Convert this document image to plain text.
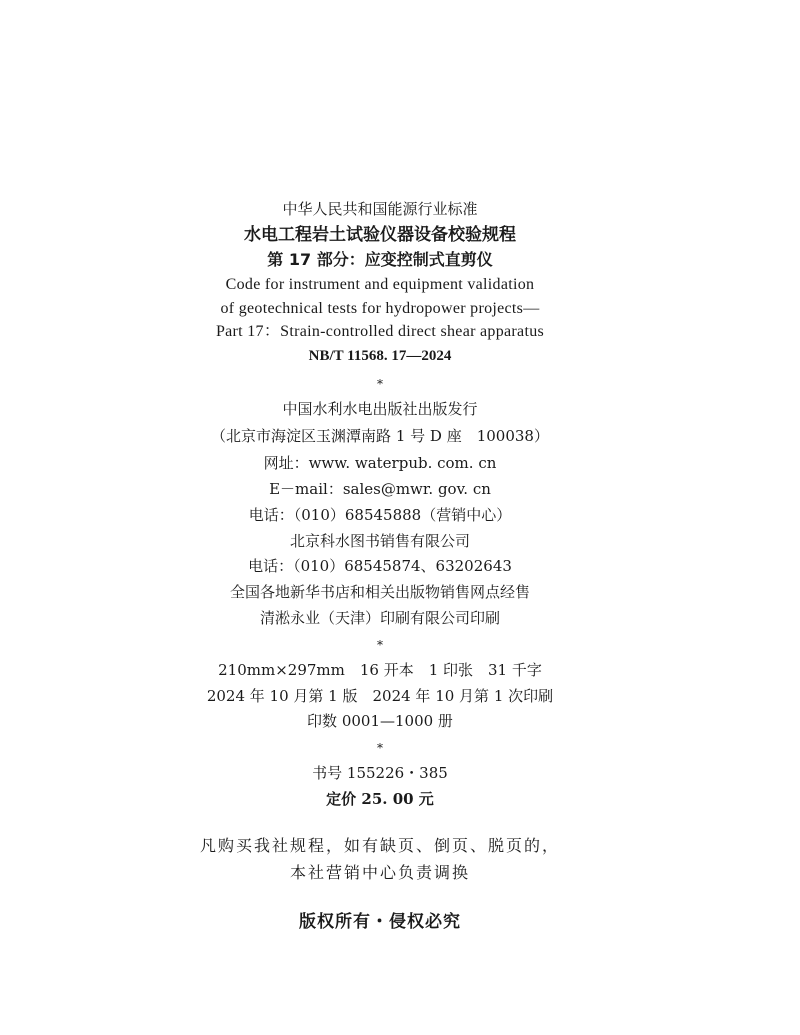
中华人民共和国能源行业标准
水电工程岩土试验仪器设备校验规程
第 17 部分：应变控制式直剪仪
Code for instrument and equipment validation
of geotechnical tests for hydropower projects—
Part 17：Strain-controlled direct shear apparatus
NB/T 11568. 17—2024
*
中国水利水电出版社出版发行
（北京市海淀区玉渊潭南路 1 号 D 座　100038）
网址：www. waterpub. com. cn
E－mail：sales@mwr. gov. cn
电话：（010）68545888（营销中心）
北京科水图书销售有限公司
电话：（010）68545874、63202643
全国各地新华书店和相关出版物销售网点经售
清淞永业（天津）印刷有限公司印刷
*
210mm×297mm　16 开本　1 印张　31 千字
2024 年 10 月第 1 版　2024 年 10 月第 1 次印刷
印数 0001—1000 册
*
书号 155226・385
定价 25. 00 元
凡购买我社规程，如有缺页、倒页、脱页的，
本社营销中心负责调换
版权所有・侵权必究
